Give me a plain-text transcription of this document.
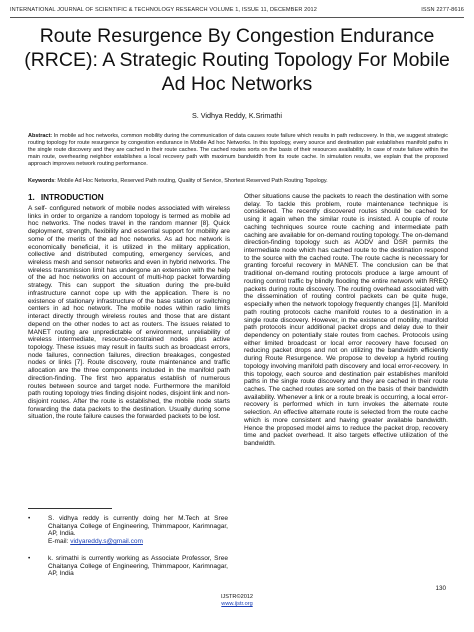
INTERNATIONAL JOURNAL OF SCIENTIFIC & TECHNOLOGY RESEARCH VOLUME 1, ISSUE 11, DECEMBER 2012	ISSN 2277-8616
Route Resurgence By Congestion Endurance
(RRCE): A Strategic Routing Topology For Mobile
Ad Hoc Networks
S. Vidhya Reddy, K.Srimathi
Abstract: In mobile ad hoc networks, common mobility during the communication of data causes route failure which results in path rediscovery. In this, we suggest strategic routing topology for route resurgence by congestion endurance in Mobile Ad hoc Networks. In this topology, every source and destination pair establishes manifold paths in the single route discovery and they are cached in their route caches. The cached routes sorts on the basis of their resources availability. In case of route failure within the main route, overhearing neighbor establishes a local recovery path with maximum bandwidth from its route cache. In simulation results, we explain that the proposed approach improves network routing performance.
Keywords: Mobile Ad Hoc Networks, Reserved Path routing, Quality of Service, Shortest Reserved Path Routing Topology.
1. INTRODUCTION
A self- configured network of mobile nodes associated with wireless links in order to organize a random topology is termed as mobile ad hoc networks. The nodes travel in the random manner [8]. Quick deployment, strength, flexibility and essential support for mobility are some of the merits of the ad hoc networks. As ad hoc network is economically beneficial, it is utilized in the military application, collective and distributed computing, emergency services, and wireless mesh and sensor networks and even in hybrid networks. The wireless transmission limit has undergone an extension with the help of the ad hoc networks on account of multi-hop packet forwarding strategy. This can support the situation during the pre-build infrastructure cannot cope up with the application. There is no existence of stationary infrastructure of the base station or switching centers in ad hoc network. The mobile nodes within radio limits interact directly through wireless routes and those that are distant depend on the other nodes to act as routers. The issues related to MANET routing are unpredictable of environment, unreliability of wireless intermediate, resource-constrained nodes plus active topology. These issues may result in faults such as broadcast errors, node failures, connection failures, direction breakages, congested nodes or links [7]. Route discovery, route maintenance and traffic allocation are the three components included in the manifold path direction-finding. The first two apparatus establish of numerous routes between source and target node. Furthermore the manifold path routing topology tries finding disjoint nodes, disjoint link and non-disjoint routes. After the route is established, the mobile node starts forwarding the data packets to the destination. Usually during some situation, the route failure causes the forwarded packets to be lost.
Other situations cause the packets to reach the destination with some delay. To tackle this problem, route maintenance technique is considered. The recently discovered routes should be cached for using it again when the similar route is insisted. A couple of route caching techniques source route caching and intermediate path caching are available for on-demand routing topology. The on-demand direction-finding topology such as AODV and DSR permits the intermediate node which has cached route to the destination respond to the source with the cached route. The route cache is necessary for granting forceful recovery in MANET. The conclusion can be that traditional on-demand routing protocols produce a large amount of routing control traffic by blindly flooding the entire network with RREQ packets during route discovery. The routing overhead associated with the dissemination of routing control packets can be quite huge, especially when the network topology frequently changes [1]. Manifold path routing protocols cache manifold routes to a destination in a single route discovery. However, in the existence of mobility, manifold path protocols incur additional packet drops and delay due to their dependency on potentially stale routes from caches. Protocols using either limited broadcast or local error recovery have focused on reducing packet drops and not on utilizing the bandwidth efficiently during Route Resurgence. We propose to develop a hybrid routing topology involving manifold path discovery and local error-recovery. In this topology, each source and destination pair establishes manifold paths in the single route discovery and they are cached in their route caches. The cached routes are sorted on the basis of their bandwidth availability. Whenever a link or a route break is occurring, a local error-recovery is performed which in turn invokes the alternate route selection. An effective alternate route is selected from the route cache which is more consistent and having greater available bandwidth. Hence the proposed model aims to reduce the packet drop, recovery time and packet overhead. It also targets effective utilization of the bandwidth.
•	S. vidhya reddy is currently doing her M.Tech at Sree Chaitanya College of Engineering, Thimmapoor, Karimnagar, AP, India.
E-mail: vidyareddy.s@gmail.com
•	k. srimathi is currently working as Associate Professor, Sree Chaitanya College of Engineering, Thimmapoor, Karimnagar, AP, India
130
IJSTR©2012
www.ijstr.org
